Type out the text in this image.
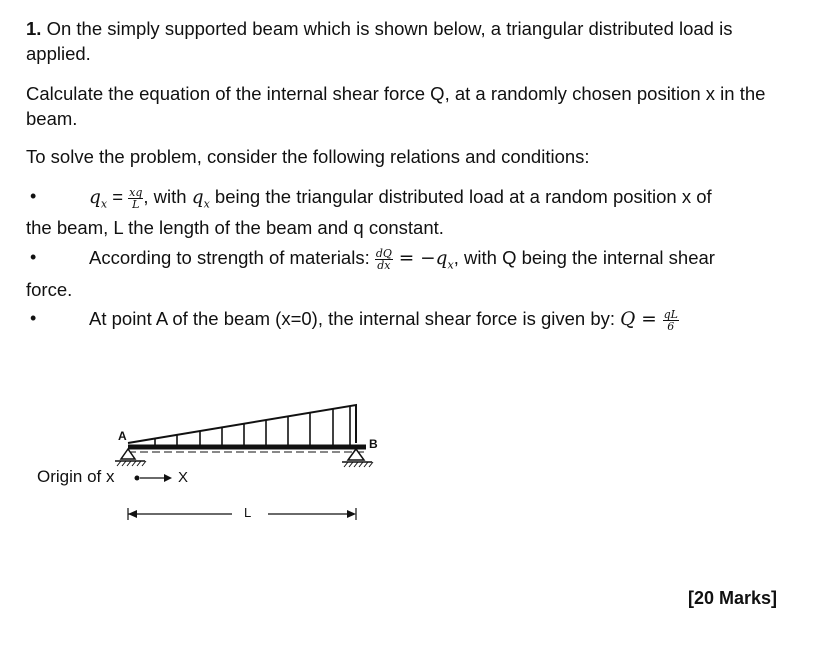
1. On the simply supported beam which is shown below, a triangular distributed load is applied.
Calculate the equation of the internal shear force Q, at a randomly chosen position x in the beam.
To solve the problem, consider the following relations and conditions:
•	$q_x = \frac{xq}{L}$ , with $q_x$ being the triangular distributed load at a random position x of
the beam, L the length of the beam and q constant.
•	According to strength of materials: $\frac{dQ}{dx} = -q_x$, with Q being the internal shear
force.
•	At point A of the beam (x=0), the internal shear force is given by: $Q = \frac{qL}{6}$
A
B
Origin of x	X
L
[20 Marks]
